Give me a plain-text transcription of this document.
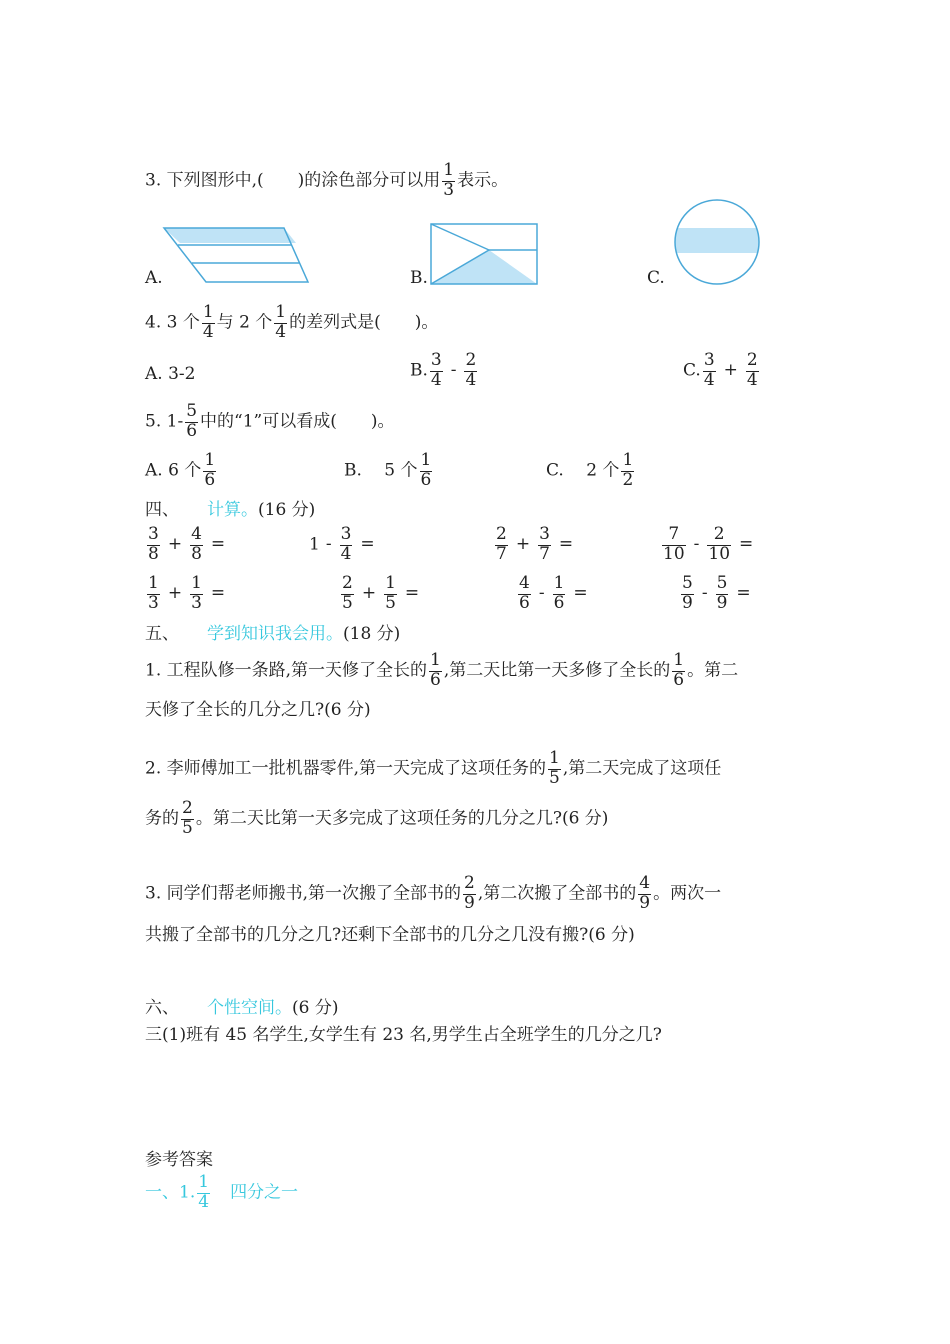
3. 下列图形中,(　　)的涂色部分可以用 $\frac{1}{3}$ 表示。
A.	B.	C.
4. 3 个 $\frac{1}{4}$ 与 2 个 $\frac{1}{4}$ 的差列式是(　　)。
A. 3-2	B. $\frac{3}{4} - \frac{2}{4}$	C. $\frac{3}{4} + \frac{2}{4}$
5. $1- \frac{5}{6}$ 中的“1”可以看成(　　)。
A. 6 个 $\frac{1}{6}$	B.　 5 个 $\frac{1}{6}$	C.　 2 个 $\frac{1}{2}$
四、 计算。(16 分)
$\frac{3}{8} + \frac{4}{8}$ =	$1 - \frac{3}{4}$ =	$\frac{2}{7} + \frac{3}{7}$ =	$\frac{7}{10} - \frac{2}{10}$ =
$\frac{1}{3} + \frac{1}{3}$ =	$\frac{2}{5} + \frac{1}{5}$ =	$\frac{4}{6} - \frac{1}{6}$ =	$\frac{5}{9} - \frac{5}{9}$ =
五、 学到知识我会用。(18 分)
1. 工程队修一条路,第一天修了全长的 $\frac{1}{6}$ ,第二天比第一天多修了全长的 $\frac{1}{6}$ 。第二
天修了全长的几分之几?(6 分)
2. 李师傅加工一批机器零件,第一天完成了这项任务的 $\frac{1}{5}$ ,第二天完成了这项任
务的 $\frac{2}{5}$ 。第二天比第一天多完成了这项任务的几分之几?(6 分)
3. 同学们帮老师搬书,第一次搬了全部书的 $\frac{2}{9}$ ,第二次搬了全部书的 $\frac{4}{9}$ 。两次一
共搬了全部书的几分之几?还剩下全部书的几分之几没有搬?(6 分)
六、 个性空间。(6 分)
三(1)班有 45 名学生,女学生有 23 名,男学生占全班学生的几分之几?
参考答案
一、1. $\frac{1}{4}$ 四分之一
